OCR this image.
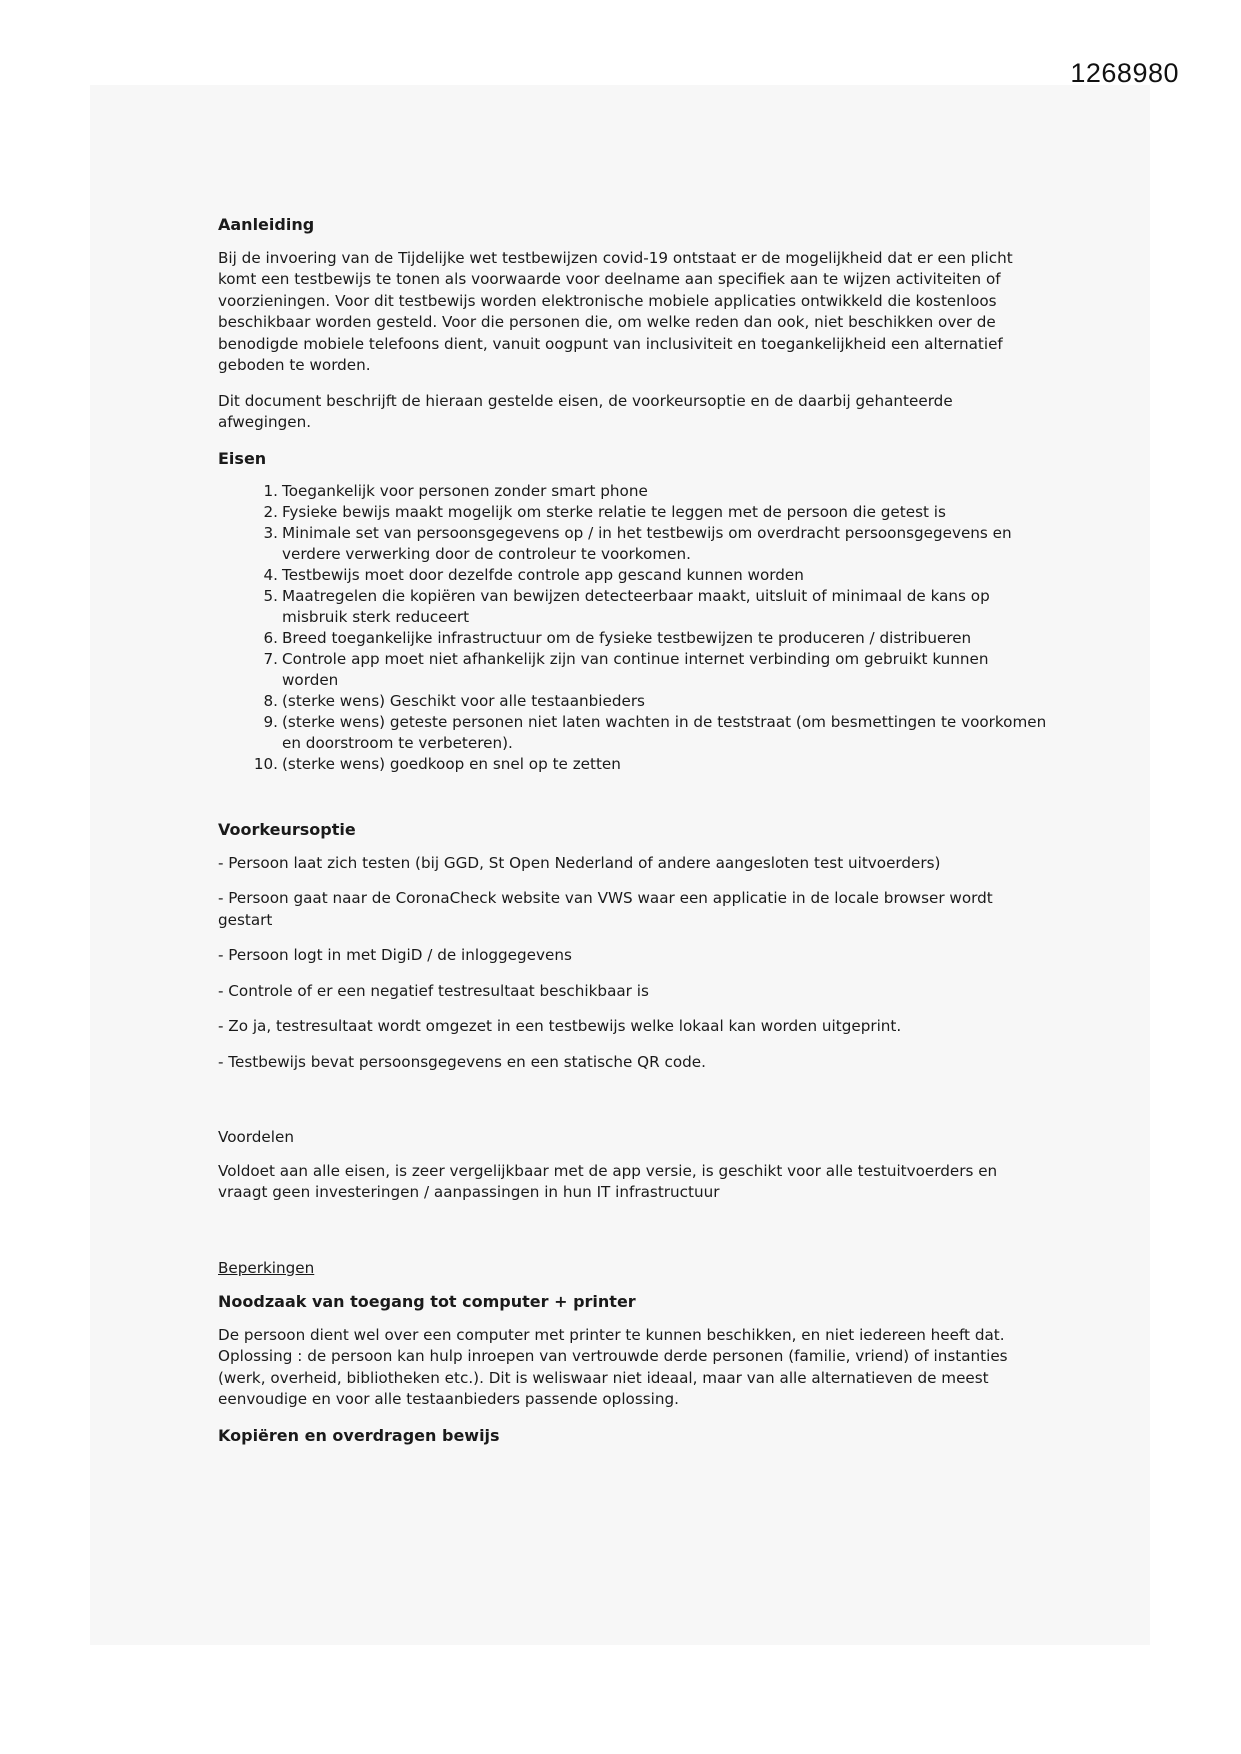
1268980
Aanleiding

Bij de invoering van de Tijdelijke wet testbewijzen covid-19 ontstaat er de mogelijkheid dat er een plicht komt een testbewijs te tonen als voorwaarde voor deelname aan specifiek aan te wijzen activiteiten of voorzieningen. Voor dit testbewijs worden elektronische mobiele applicaties ontwikkeld die kostenloos beschikbaar worden gesteld. Voor die personen die, om welke reden dan ook, niet beschikken over de benodigde mobiele telefoons dient, vanuit oogpunt van inclusiviteit en toegankelijkheid een alternatief geboden te worden.

Dit document beschrijft de hieraan gestelde eisen, de voorkeursoptie en de daarbij gehanteerde afwegingen.

Eisen
1. Toegankelijk voor personen zonder smart phone
2. Fysieke bewijs maakt mogelijk om sterke relatie te leggen met de persoon die getest is
3. Minimale set van persoonsgegevens op / in het testbewijs om overdracht persoonsgegevens en verdere verwerking door de controleur te voorkomen.
4. Testbewijs moet door dezelfde controle app gescand kunnen worden
5. Maatregelen die kopiëren van bewijzen detecteerbaar maakt, uitsluit of minimaal de kans op misbruik sterk reduceert
6. Breed toegankelijke infrastructuur om de fysieke testbewijzen te produceren / distribueren
7. Controle app moet niet afhankelijk zijn van continue internet verbinding om gebruikt kunnen worden
8. (sterke wens) Geschikt voor alle testaanbieders
9. (sterke wens) geteste personen niet laten wachten in de teststraat (om besmettingen te voorkomen en doorstroom te verbeteren).
10. (sterke wens) goedkoop en snel op te zetten
Voorkeursoptie

- Persoon laat zich testen (bij GGD, St Open Nederland of andere aangesloten test uitvoerders)

- Persoon gaat naar de CoronaCheck website van VWS waar een applicatie in de locale browser wordt gestart

- Persoon logt in met DigiD / de inloggegevens

- Controle of er een negatief testresultaat beschikbaar is

- Zo ja, testresultaat wordt omgezet in een testbewijs welke lokaal kan worden uitgeprint.

- Testbewijs bevat persoonsgegevens en een statische QR code.

Voordelen

Voldoet aan alle eisen, is zeer vergelijkbaar met de app versie, is geschikt voor alle testuitvoerders en vraagt geen investeringen / aanpassingen in hun IT infrastructuur

Beperkingen
Noodzaak van toegang tot computer + printer

De persoon dient wel over een computer met printer te kunnen beschikken, en niet iedereen heeft dat. Oplossing : de persoon kan hulp inroepen van vertrouwde derde personen (familie, vriend) of instanties (werk, overheid, bibliotheken etc.). Dit is weliswaar niet ideaal, maar van alle alternatieven de meest eenvoudige en voor alle testaanbieders passende oplossing.

Kopiëren en overdragen bewijs
